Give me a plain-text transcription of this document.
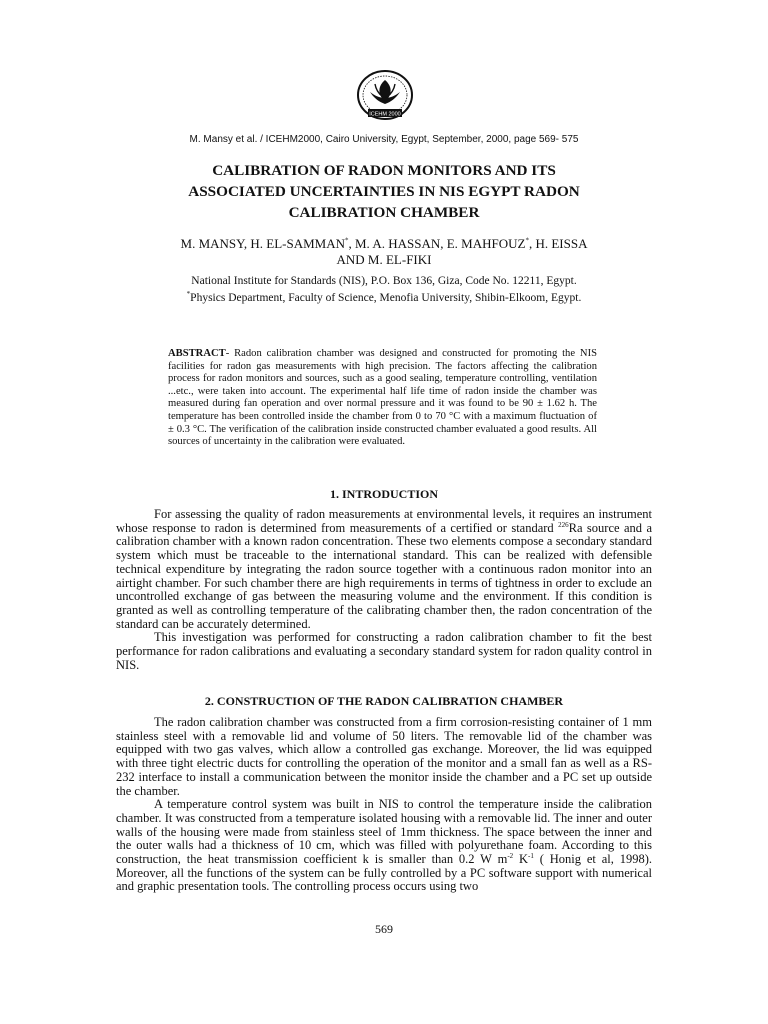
ICEHM 2000
M. Mansy et al. / ICEHM2000, Cairo University, Egypt, September, 2000, page 569- 575
CALIBRATION OF RADON MONITORS AND ITS
ASSOCIATED UNCERTAINTIES IN NIS EGYPT RADON
CALIBRATION CHAMBER
M. MANSY, H. EL-SAMMAN*, M. A. HASSAN, E. MAHFOUZ*, H. EISSA
AND M. EL-FIKI
National Institute for Standards (NIS), P.O. Box 136, Giza, Code No. 12211, Egypt.
*Physics Department, Faculty of Science, Menofia University, Shibin-Elkoom, Egypt.
ABSTRACT- Radon calibration chamber was designed and constructed for promoting the NIS facilities for radon gas measurements with high precision. The factors affecting the calibration process for radon monitors and sources, such as a good sealing, temperature controlling, ventilation ...etc., were taken into account. The experimental half life time of radon inside the chamber was measured during fan operation and over normal pressure and it was found to be 90 ± 1.62 h. The temperature has been controlled inside the chamber from 0 to 70 °C with a maximum fluctuation of ± 0.3 °C. The verification of the calibration inside constructed chamber evaluated a good results. All sources of uncertainty in the calibration were evaluated.
1. INTRODUCTION

For assessing the quality of radon measurements at environmental levels, it requires an instrument whose response to radon is determined from measurements of a certified or standard $^{226}$Ra source and a calibration chamber with a known radon concentration. These two elements compose a secondary standard system which must be traceable to the international standard. This can be realized with defensible technical expenditure by integrating the radon source together with a continuous radon monitor into an airtight chamber. For such chamber there are high requirements in terms of tightness in order to exclude an uncontrolled exchange of gas between the measuring volume and the environment. If this condition is granted as well as controlling temperature of the calibrating chamber then, the radon concentration of the standard can be accurately determined.

This investigation was performed for constructing a radon calibration chamber to fit the best performance for radon calibrations and evaluating a secondary standard system for radon quality control in NIS.

2. CONSTRUCTION OF THE RADON CALIBRATION CHAMBER

The radon calibration chamber was constructed from a firm corrosion-resisting container of 1 mm stainless steel with a removable lid and volume of 50 liters. The removable lid of the chamber was equipped with two gas valves, which allow a controlled gas exchange. Moreover, the lid was equipped with three tight electric ducts for controlling the operation of the monitor and a small fan as well as a RS-232 interface to install a communication between the monitor inside the chamber and a PC set up outside the chamber.

A temperature control system was built in NIS to control the temperature inside the calibration chamber. It was constructed from a temperature isolated housing with a removable lid. The inner and outer walls of the housing were made from stainless steel of 1mm thickness. The space between the inner and the outer walls had a thickness of 10 cm, which was filled with polyurethane foam. According to this construction, the heat transmission coefficient k is smaller than 0.2 W $m^{-2}$ $K^{-1}$ ( Honig et al, 1998). Moreover, all the functions of the system can be fully controlled by a PC software support with numerical and graphic presentation tools. The controlling process occurs using two

569
